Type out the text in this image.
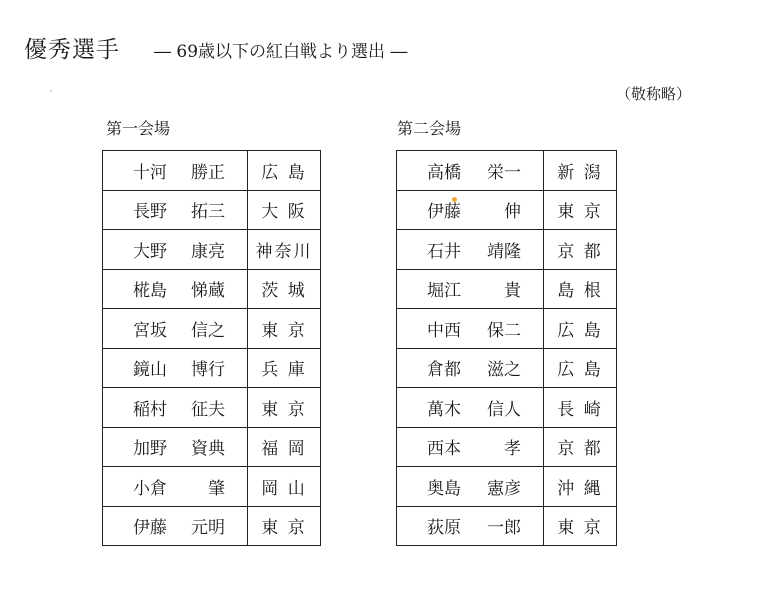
優秀選手 ― 69歳以下の紅白戦より選出 ―
（敬称略）
第一会場	第二会場
十河 勝正	広 島

長野 拓三	大 阪

大野 康亮	神奈川

椛島 悌蔵	茨 城

宮坂 信之	東 京

鏡山 博行	兵 庫

稲村 征夫	東 京

加野 資典	福 岡

小倉 肇	岡 山

伊藤 元明	東 京
高橋 栄一	新 潟

伊藤 伸	東 京

石井 靖隆	京 都

堀江 貴	島 根

中西 保二	広 島

倉都 滋之	広 島

萬木 信人	長 崎

西本 孝	京 都

奥島 憲彦	沖 縄

荻原 一郎	東 京
